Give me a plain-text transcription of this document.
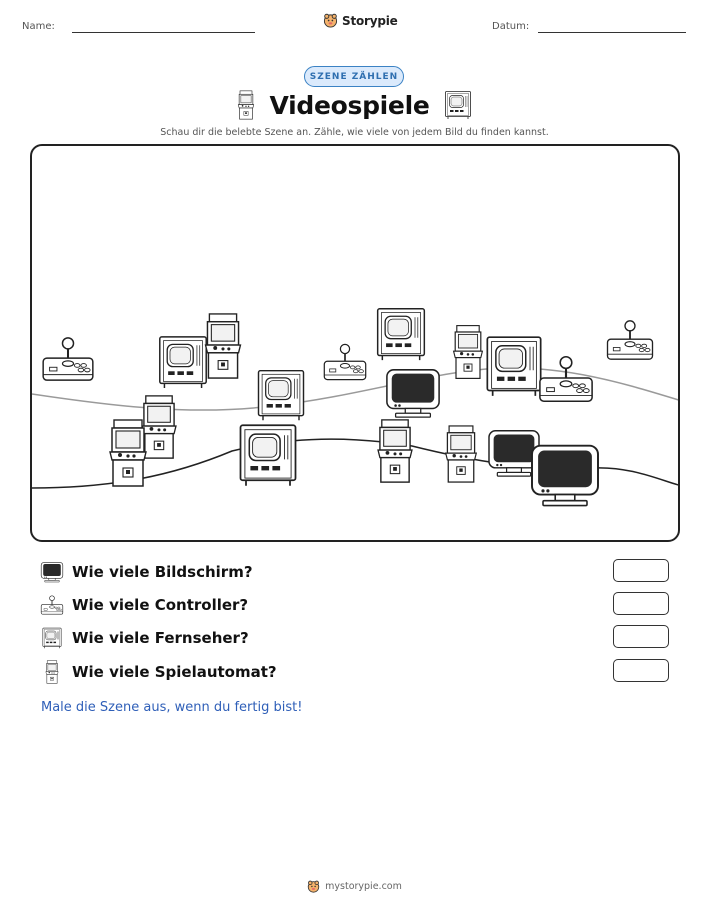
Name:	Storypie	Datum:
SZENE ZÄHLEN
Videospiele
Schau dir die belebte Szene an. Zähle, wie viele von jedem Bild du finden kannst.
Wie viele Bildschirm?
Wie viele Controller?
Wie viele Fernseher?
Wie viele Spielautomat?
Male die Szene aus, wenn du fertig bist!
mystorypie.com
